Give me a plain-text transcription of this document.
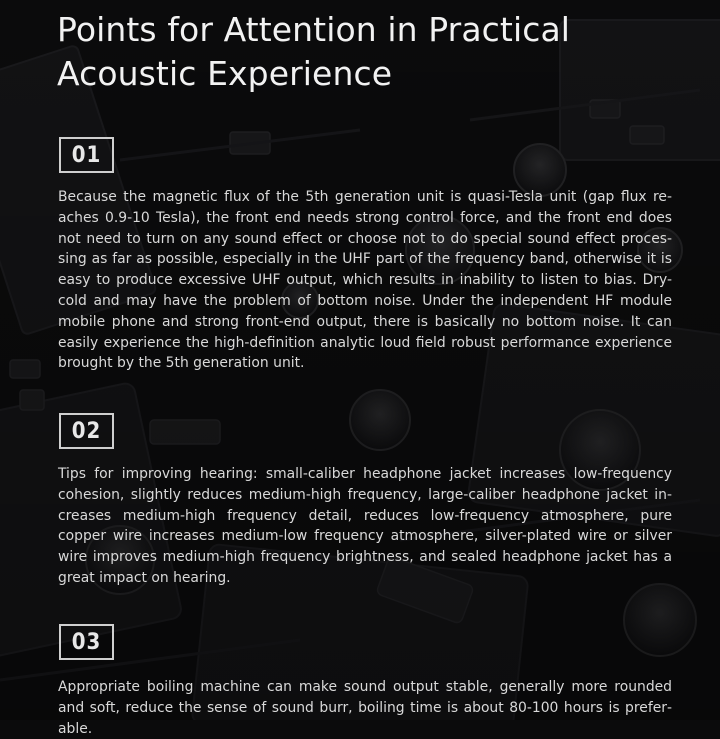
Points for Attention in Practical
Acoustic Experience
01

Because the magnetic flux of the 5th generation unit is quasi-Tesla unit (gap flux reaches 0.9-10 Tesla), the front end needs strong control force, and the front end does not need to turn on any sound effect or choose not to do special sound effect processing as far as possible, especially in the UHF part of the frequency band, otherwise it is easy to produce excessive UHF output, which results in inability to listen to bias. Dry-cold and may have the problem of bottom noise. Under the independent HF module mobile phone and strong front-end output, there is basically no bottom noise. It can easily experience the high-definition analytic loud field robust performance experience brought by the 5th generation unit.

02

Tips for improving hearing: small-caliber headphone jacket increases low-frequency cohesion, slightly reduces medium-high frequency, large-caliber headphone jacket increases medium-high frequency detail, reduces low-frequency atmosphere, pure copper wire increases medium-low frequency atmosphere, silver-plated wire or silver wire improves medium-high frequency brightness, and sealed headphone jacket has a great impact on hearing.

03

Appropriate boiling machine can make sound output stable, generally more rounded and soft, reduce the sense of sound burr, boiling time is about 80-100 hours is preferable.
